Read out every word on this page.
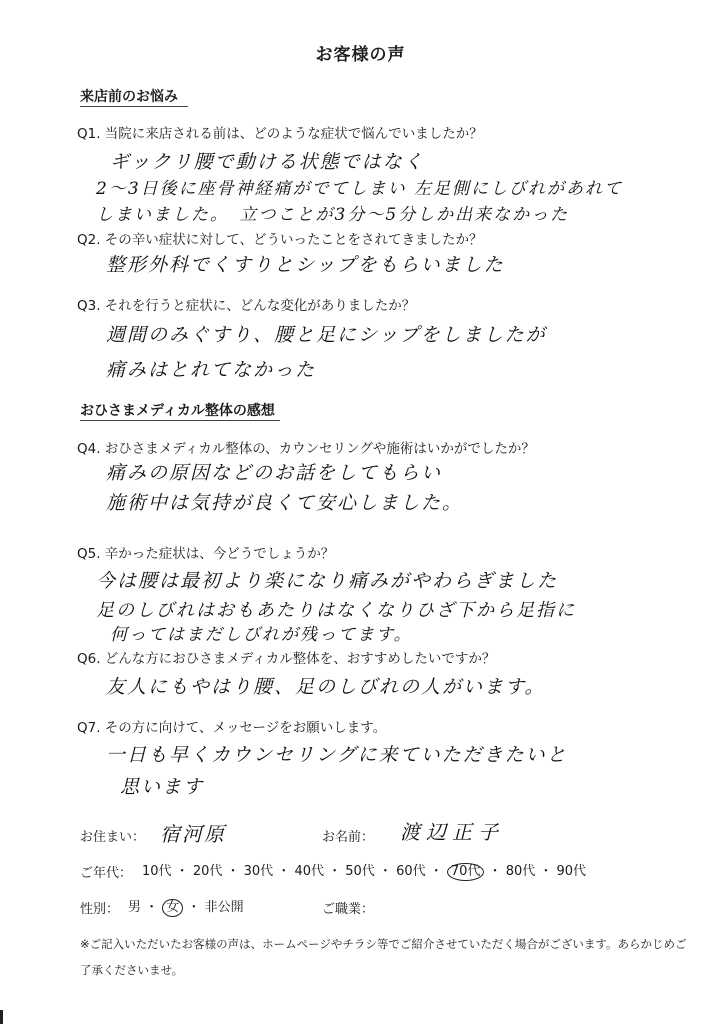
お客様の声
来店前のお悩み
Q1. 当院に来店される前は、どのような症状で悩んでいましたか？
ギックリ腰で動ける状態ではなく
2〜3日後に座骨神経痛がでてしまい 左足側にしびれがあれて
しまいました。　立つことが3分〜5分しか出来なかった
Q2. その辛い症状に対して、どういったことをされてきましたか？
整形外科でくすりとシップをもらいました
Q3. それを行うと症状に、どんな変化がありましたか？
週間のみぐすり、腰と足にシップをしましたが
痛みはとれてなかった
おひさまメディカル整体の感想
Q4. おひさまメディカル整体の、カウンセリングや施術はいかがでしたか？
痛みの原因などのお話をしてもらい
施術中は気持が良くて安心しました。
Q5. 辛かった症状は、今どうでしょうか？
今は腰は最初より楽になり痛みがやわらぎました
足のしびれはおもあたりはなくなりひざ下から足指に
何ってはまだしびれが残ってます。
Q6. どんな方におひさまメディカル整体を、おすすめしたいですか？
友人にもやはり腰、足のしびれの人がいます。
Q7. その方に向けて、メッセージをお願いします。
一日も早くカウンセリングに来ていただきたいと
思います
お住まい： 宿河原	お名前： 渡辺正子
ご年代： 10代 ・ 20代 ・ 30代 ・ 40代 ・ 50代 ・ 60代 ・ 70代 ・ 80代 ・ 90代
性別： 男 ・ 女 ・ 非公開	ご職業：
※ご記入いただいたお客様の声は、ホームページやチラシ等でご紹介させていただく場合がございます。あらかじめご
了承くださいませ。
